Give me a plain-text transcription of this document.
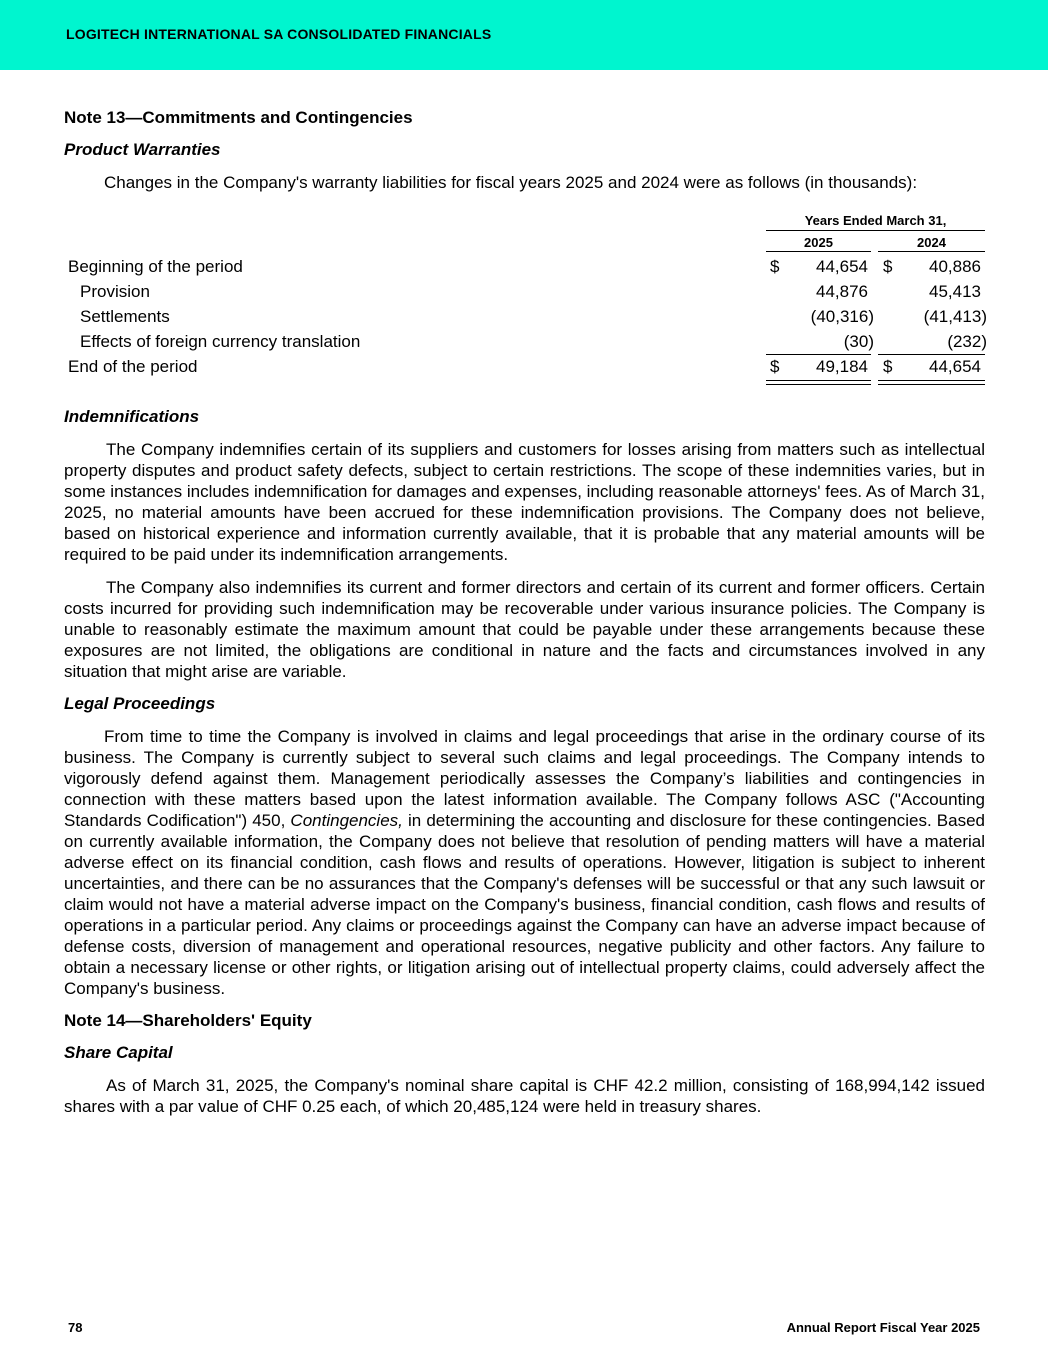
LOGITECH INTERNATIONAL SA CONSOLIDATED FINANCIALS
Note 13—Commitments and Contingencies
Product Warranties

Changes in the Company's warranty liabilities for fiscal years 2025 and 2024 were as follows (in thousands):

Years Ended March 31,
2025	2024
Beginning of the period	$	44,654 $	40,886
Provision	44,876	45,413
Settlements	(40,316)	(41,413)
Effects of foreign currency translation	(30)	(232)
End of the period	$	49,184 $	44,654
Indemnifications

The Company indemnifies certain of its suppliers and customers for losses arising from matters such as intellectual property disputes and product safety defects, subject to certain restrictions. The scope of these indemnities varies, but in some instances includes indemnification for damages and expenses, including reasonable attorneys' fees. As of March 31, 2025, no material amounts have been accrued for these indemnification provisions. The Company does not believe, based on historical experience and information currently available, that it is probable that any material amounts will be required to be paid under its indemnification arrangements.

The Company also indemnifies its current and former directors and certain of its current and former officers. Certain costs incurred for providing such indemnification may be recoverable under various insurance policies. The Company is unable to reasonably estimate the maximum amount that could be payable under these arrangements because these exposures are not limited, the obligations are conditional in nature and the facts and circumstances involved in any situation that might arise are variable.

Legal Proceedings

From time to time the Company is involved in claims and legal proceedings that arise in the ordinary course of its business. The Company is currently subject to several such claims and legal proceedings. The Company intends to vigorously defend against them. Management periodically assesses the Company’s liabilities and contingencies in connection with these matters based upon the latest information available. The Company follows ASC ("Accounting Standards Codification") 450, Contingencies, in determining the accounting and disclosure for these contingencies. Based on currently available information, the Company does not believe that resolution of pending matters will have a material adverse effect on its financial condition, cash flows and results of operations. However, litigation is subject to inherent uncertainties, and there can be no assurances that the Company's defenses will be successful or that any such lawsuit or claim would not have a material adverse impact on the Company's business, financial condition, cash flows and results of operations in a particular period. Any claims or proceedings against the Company can have an adverse impact because of defense costs, diversion of management and operational resources, negative publicity and other factors. Any failure to obtain a necessary license or other rights, or litigation arising out of intellectual property claims, could adversely affect the Company's business.

Note 14—Shareholders' Equity
Share Capital

As of March 31, 2025, the Company's nominal share capital is CHF 42.2 million, consisting of 168,994,142 issued shares with a par value of CHF 0.25 each, of which 20,485,124 were held in treasury shares.

78	Annual Report Fiscal Year 2025
